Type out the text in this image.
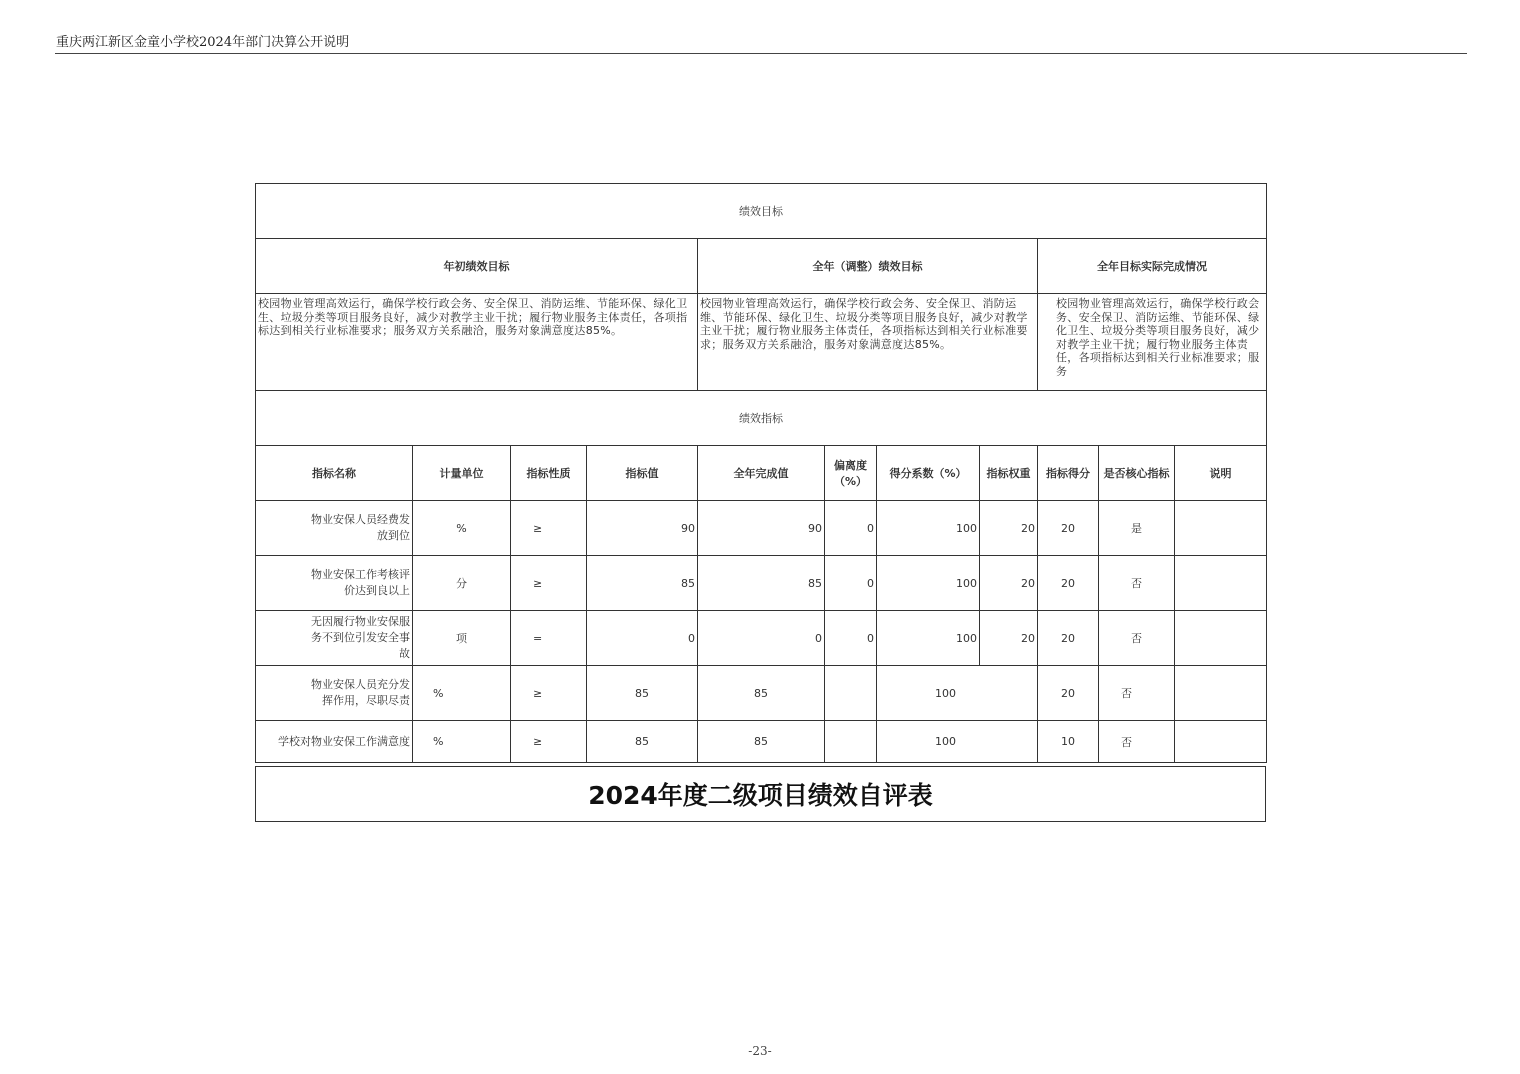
重庆两江新区金童小学校2024年部门决算公开说明
绩效目标										
年初绩效目标				全年（调整）绩效目标				全年目标实际完成情况		

校园物业管理高效运行，确保学校行政会务、安全保卫、消防运维、节能环保、绿化卫生、垃圾分类等项目服务良好，减少对教学主业干扰；履行物业服务主体责任，各项指标达到相关行业标准要求；服务双方关系融洽，服务对象满意度达85%。				校园物业管理高效运行，确保学校行政会务、安全保卫、消防运维、节能环保、绿化卫生、垃圾分类等项目服务良好，减少对教学主业干扰；履行物业服务主体责任，各项指标达到相关行业标准要求；服务双方关系融洽，服务对象满意度达85%。				校园物业管理高效运行，确保学校行政会务、安全保卫、消防运维、节能环保、绿化卫生、垃圾分类等项目服务良好，减少对教学主业干扰；履行物业服务主体责任，各项指标达到相关行业标准要求；服务		

绩效指标										
指标名称	计量单位	指标性质	指标值	全年完成值	偏离度（%）	得分系数（%）	指标权重	指标得分	是否核心指标	说明
物业安保人员经费发放到位	%	≥	90	90	0	100	20	20	是	
物业安保工作考核评价达到良以上	分	≥	85	85	0	100	20	20	否	
无因履行物业安保服务不到位引发安全事故	项	=	0	0	0	100	20	20	否	
物业安保人员充分发挥作用，尽职尽责	%	≥	85	85		100		20	否	
学校对物业安保工作满意度	%	≥	85	85		100		10	否	
2024年度二级项目绩效自评表
-23-
